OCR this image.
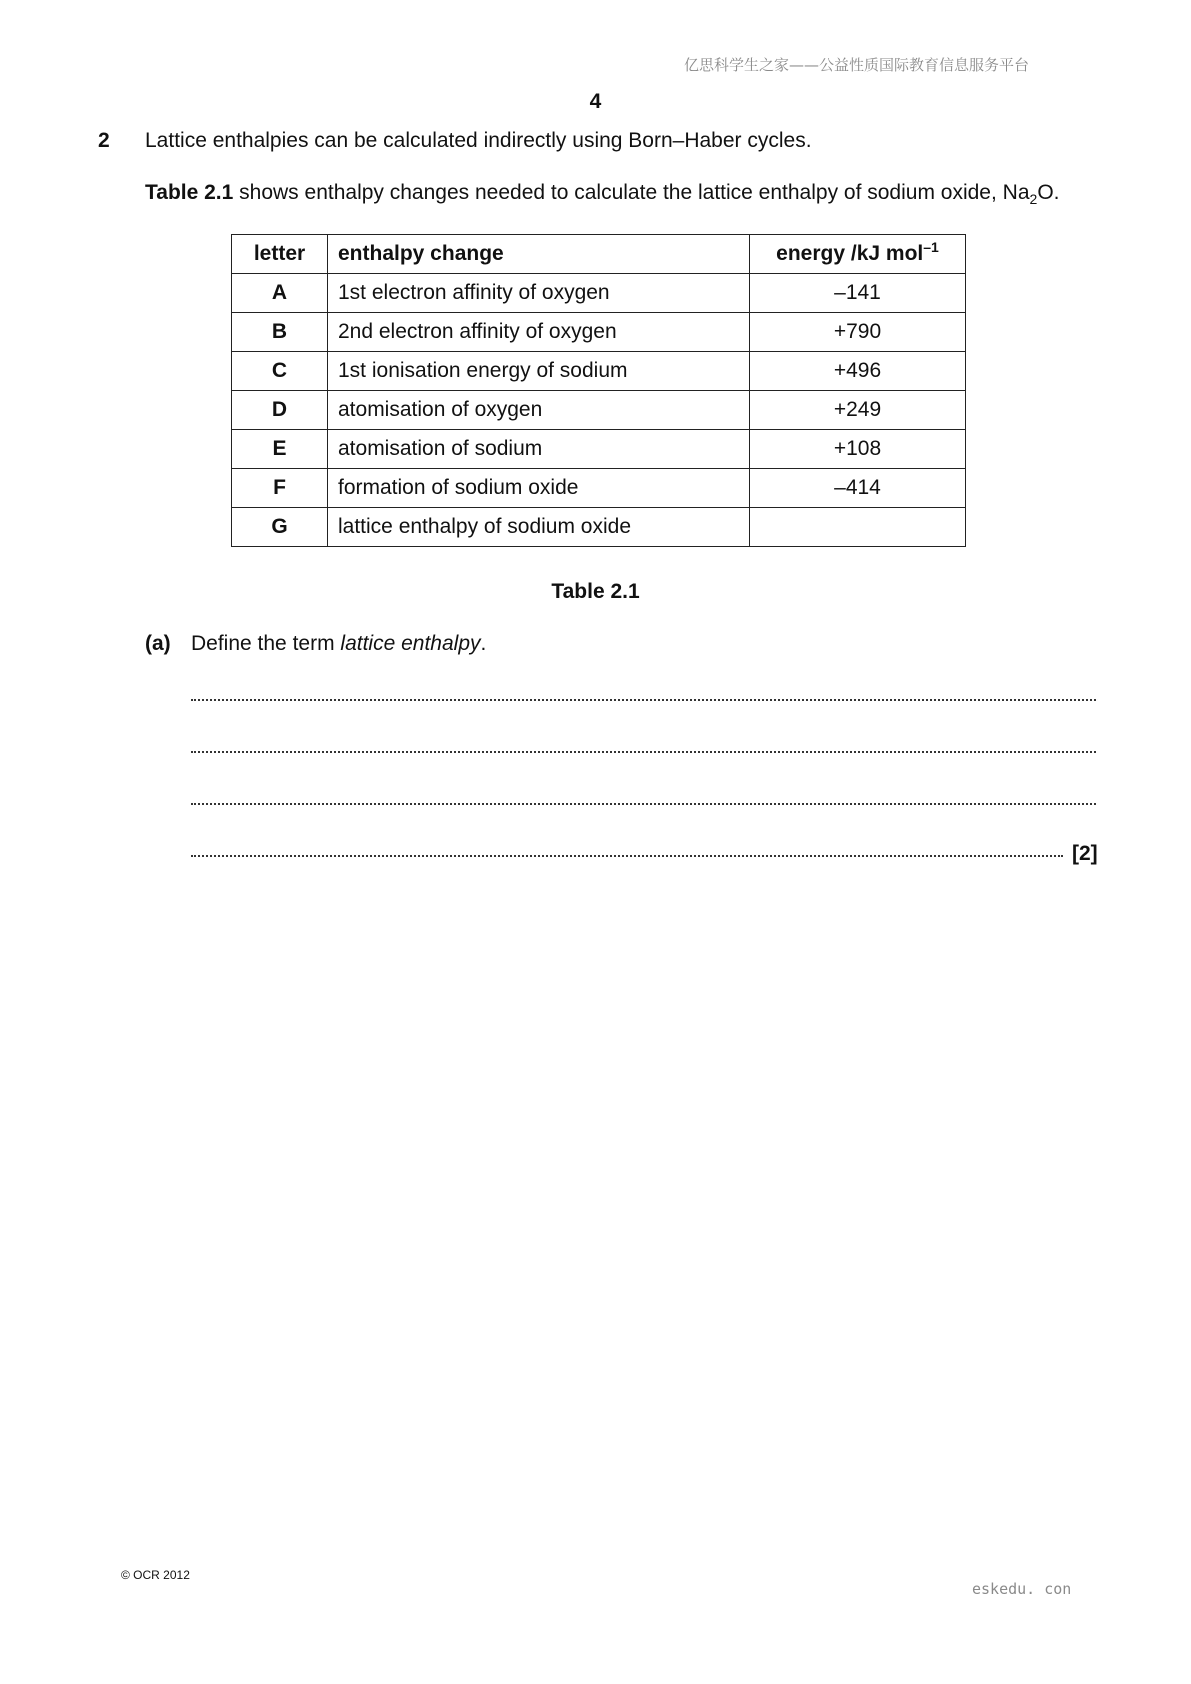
亿思科学生之家——公益性质国际教育信息服务平台
4
2 Lattice enthalpies can be calculated indirectly using Born–Haber cycles.
Table 2.1 shows enthalpy changes needed to calculate the lattice enthalpy of sodium oxide, $Na_2O$.
letter	enthalpy change	energy /kJ mol$^{-1}$
A	1st electron affinity of oxygen	–141
B	2nd electron affinity of oxygen	+790
C	1st ionisation energy of sodium	+496
D	atomisation of oxygen	+249
E	atomisation of sodium	+108
F	formation of sodium oxide	–414
G	lattice enthalpy of sodium oxide	
Table 2.1
(a) Define the term lattice enthalpy.
[2]
© OCR 2012
eskedu. con
